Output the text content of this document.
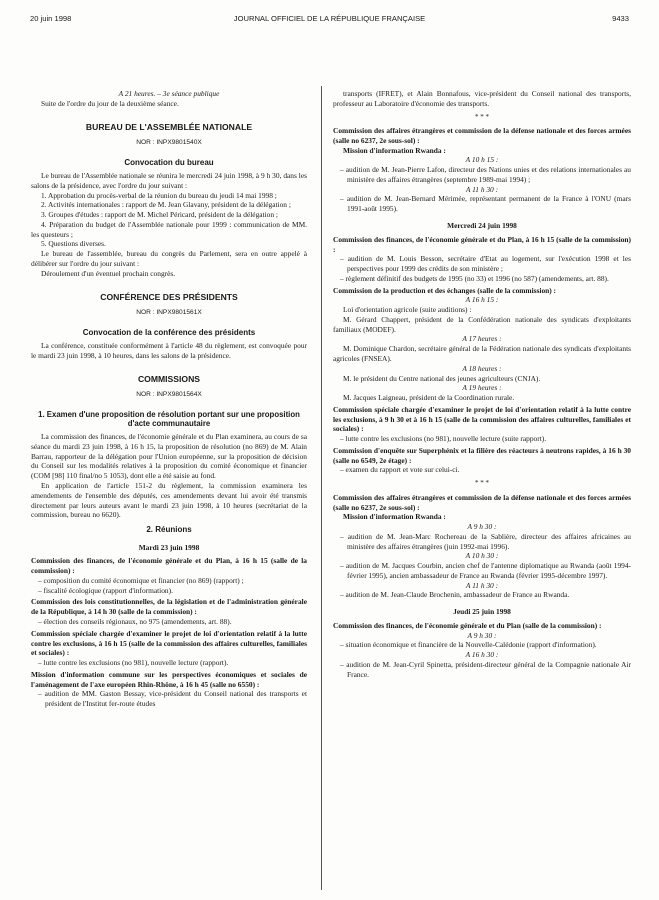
20 juin 1998	JOURNAL OFFICIEL DE LA RÉPUBLIQUE FRANÇAISE	9433

A 21 heures. – 3e séance publique

Suite de l'ordre du jour de la deuxième séance.

BUREAU DE L'ASSEMBLÉE NATIONALE
NOR : INPX9801540X
Convocation du bureau

Le bureau de l'Assemblée nationale se réunira le mercredi 24 juin 1998, à 9 h 30, dans les salons de la présidence, avec l'ordre du jour suivant :

1. Approbation du procès-verbal de la réunion du bureau du jeudi 14 mai 1998 ;

2. Activités internationales : rapport de M. Jean Glavany, président de la délégation ;

3. Groupes d'études : rapport de M. Michel Péricard, président de la délégation ;

4. Préparation du budget de l'Assemblée nationale pour 1999 : communication de MM. les questeurs ;

5. Questions diverses.

Le bureau de l'assemblée, bureau du congrès du Parlement, sera en outre appelé à délibérer sur l'ordre du jour suivant :

Déroulement d'un éventuel prochain congrès.

CONFÉRENCE DES PRÉSIDENTS
NOR : INPX9801561X
Convocation de la conférence des présidents

La conférence, constituée conformément à l'article 48 du règlement, est convoquée pour le mardi 23 juin 1998, à 10 heures, dans les salons de la présidence.

COMMISSIONS
NOR : INPX9801564X
1. Examen d'une proposition de résolution portant sur une proposition d'acte communautaire

La commission des finances, de l'économie générale et du Plan examinera, au cours de sa séance du mardi 23 juin 1998, à 16 h 15, la proposition de résolution (no 869) de M. Alain Barrau, rapporteur de la délégation pour l'Union européenne, sur la proposition de décision du Conseil sur les modalités relatives à la proposition du comité économique et financier (COM [98] 110 final/no 5 1053), dont elle a été saisie au fond.

En application de l'article 151-2 du règlement, la commission examinera les amendements de l'ensemble des députés, ces amendements devant lui avoir été transmis directement par leurs auteurs avant le mardi 23 juin 1998, à 10 heures (secrétariat de la commission, bureau no 6620).

2. Réunions
Mardi 23 juin 1998

Commission des finances, de l'économie générale et du Plan, à 16 h 15 (salle de la commission) :

– composition du comité économique et financier (no 869) (rapport) ;

– fiscalité écologique (rapport d'information).

Commission des lois constitutionnelles, de la législation et de l'administration générale de la République, à 14 h 30 (salle de la commission) :

– élection des conseils régionaux, no 975 (amendements, art. 88).

Commission spéciale chargée d'examiner le projet de loi d'orientation relatif à la lutte contre les exclusions, à 16 h 15 (salle de la commission des affaires culturelles, familiales et sociales) :

– lutte contre les exclusions (no 981), nouvelle lecture (rapport).

Mission d'information commune sur les perspectives économiques et sociales de l'aménagement de l'axe européen Rhin-Rhône, à 16 h 45 (salle no 6550) :

– audition de MM. Gaston Bessay, vice-président du Conseil national des transports et président de l'Institut fer-route études

transports (IFRET), et Alain Bonnafous, vice-président du Conseil national des transports, professeur au Laboratoire d'économie des transports.

* * *

Commission des affaires étrangères et commission de la défense nationale et des forces armées (salle no 6237, 2e sous-sol) :

Mission d'information Rwanda :

A 10 h 15 :

– audition de M. Jean-Pierre Lafon, directeur des Nations unies et des relations internationales au ministère des affaires étrangères (septembre 1989-mai 1994) ;

A 11 h 30 :

– audition de M. Jean-Bernard Mérimée, représentant permanent de la France à l'ONU (mars 1991-août 1995).

Mercredi 24 juin 1998

Commission des finances, de l'économie générale et du Plan, à 16 h 15 (salle de la commission) :

– audition de M. Louis Besson, secrétaire d'Etat au logement, sur l'exécution 1998 et les perspectives pour 1999 des crédits de son ministère ;

– règlement définitif des budgets de 1995 (no 33) et 1996 (no 587) (amendements, art. 88).

Commission de la production et des échanges (salle de la commission) :

A 16 h 15 :

Loi d'orientation agricole (suite auditions) :

M. Gérard Chappert, président de la Confédération nationale des syndicats d'exploitants familiaux (MODEF).

A 17 heures :

M. Dominique Chardon, secrétaire général de la Fédération nationale des syndicats d'exploitants agricoles (FNSEA).

A 18 heures :

M. le président du Centre national des jeunes agriculteurs (CNJA).

A 19 heures :

M. Jacques Laigneau, président de la Coordination rurale.

Commission spéciale chargée d'examiner le projet de loi d'orientation relatif à la lutte contre les exclusions, à 9 h 30 et à 16 h 15 (salle de la commission des affaires culturelles, familiales et sociales) :

– lutte contre les exclusions (no 981), nouvelle lecture (suite rapport).

Commission d'enquête sur Superphénix et la filière des réacteurs à neutrons rapides, à 16 h 30 (salle no 6549, 2e étage) :

– examen du rapport et vote sur celui-ci.

* * *

Commission des affaires étrangères et commission de la défense nationale et des forces armées (salle no 6237, 2e sous-sol) :

Mission d'information Rwanda :

A 9 h 30 :

– audition de M. Jean-Marc Rochereau de la Sablière, directeur des affaires africaines au ministère des affaires étrangères (juin 1992-mai 1996).

A 10 h 30 :

– audition de M. Jacques Courbin, ancien chef de l'antenne diplomatique au Rwanda (août 1994-février 1995), ancien ambassadeur de France au Rwanda (février 1995-décembre 1997).

A 11 h 30 :

– audition de M. Jean-Claude Brochenin, ambassadeur de France au Rwanda.

Jeudi 25 juin 1998

Commission des finances, de l'économie générale et du Plan (salle de la commission) :

A 9 h 30 :

– situation économique et financière de la Nouvelle-Calédonie (rapport d'information).

A 16 h 30 :

– audition de M. Jean-Cyril Spinetta, président-directeur général de la Compagnie nationale Air France.
